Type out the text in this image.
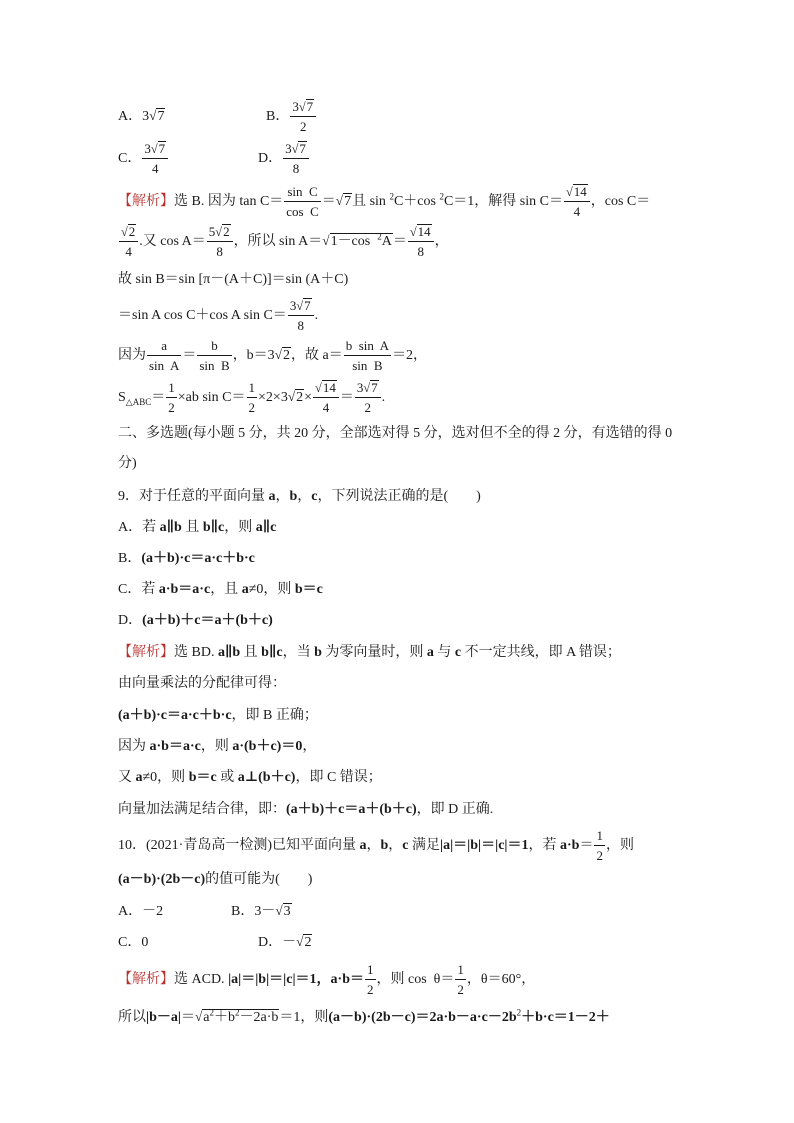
A．3√7	B． $\frac{3√7}{2}$
C． $\frac{3√7}{4}$	D． $\frac{3√7}{8}$
【解析】选 B. 因为 $\tan C= \frac{\text{sin  C}}{\text{cos  C}} =√7$且 sin $^2$C＋cos $^2$C＝1，解得 $\sin C= \frac{√14}{4}$ ，cos C＝
$\frac{√2}{4}$ .又 $\cos A= \frac{5√2}{8}$ ，所以 sin A＝√1－cos  $^2A= \frac{√14}{8}$ ，
故 sin B＝sin [π－(A＋C)]＝sin (A＋C)
＝sin A cos C＋cos A $\sin C= \frac{3√7}{8}$ .
因为 $\frac{a}{\text{sin  A}} = \frac{b}{\text{sin  B}}$ ，b＝3√2，故 $a= \frac{\text{b  sin  A}}{\text{sin  B}} =2$，
$S_{\triangle ABC}= \frac{1}{2} \times ab$ $\sin C= \frac{1}{2} \times 2\times 3√2\times \frac{√14}{4} = \frac{3√7}{2}$ .
二、多选题(每小题 5 分，共 20 分，全部选对得 5 分，选对但不全的得 2 分，有选错的得 0
分)
9．对于任意的平面向量 a，b，c，下列说法正确的是(　　)
A．若 a∥b 且 b∥c，则 a∥c
B．(a＋b)·c＝a·c＋b·c
C．若 a·b＝a·c，且 a≠0，则 b＝c
D．(a＋b)＋c＝a＋(b＋c)
【解析】选 BD. a∥b 且 b∥c，当 b 为零向量时，则 a 与 c 不一定共线，即 A 错误；
由向量乘法的分配律可得：
(a＋b)·c＝a·c＋b·c，即 B 正确；
因为 a·b＝a·c，则 a·(b＋c)＝0，
又 a≠0，则 b＝c 或 a⊥(b＋c)，即 C 错误；
向量加法满足结合律，即：(a＋b)＋c＝a＋(b＋c)，即 D 正确.
10．(2021·青岛高一检测)已知平面向量 a，b，c 满足|a|＝|b|＝|c|＝1，若 $a\cdot b= \frac{1}{2}$ ，则
(a－b)·(2b－c)的值可能为(　　)
A．－2	B．3－√3
C．0	D．－√2
【解析】选 ACD. |a|＝|b|＝|c|＝1，$a\cdot b= \frac{1}{2}$ ，则 $\cos \theta= \frac{1}{2}$ ，θ＝60°，
所以$|b-a|=√a^2+b^2-2a\cdot b=1$，则$(a-b)\cdot(2b-c)=2a\cdot b-a\cdot c-2b^2+b\cdot c=1-2+$
